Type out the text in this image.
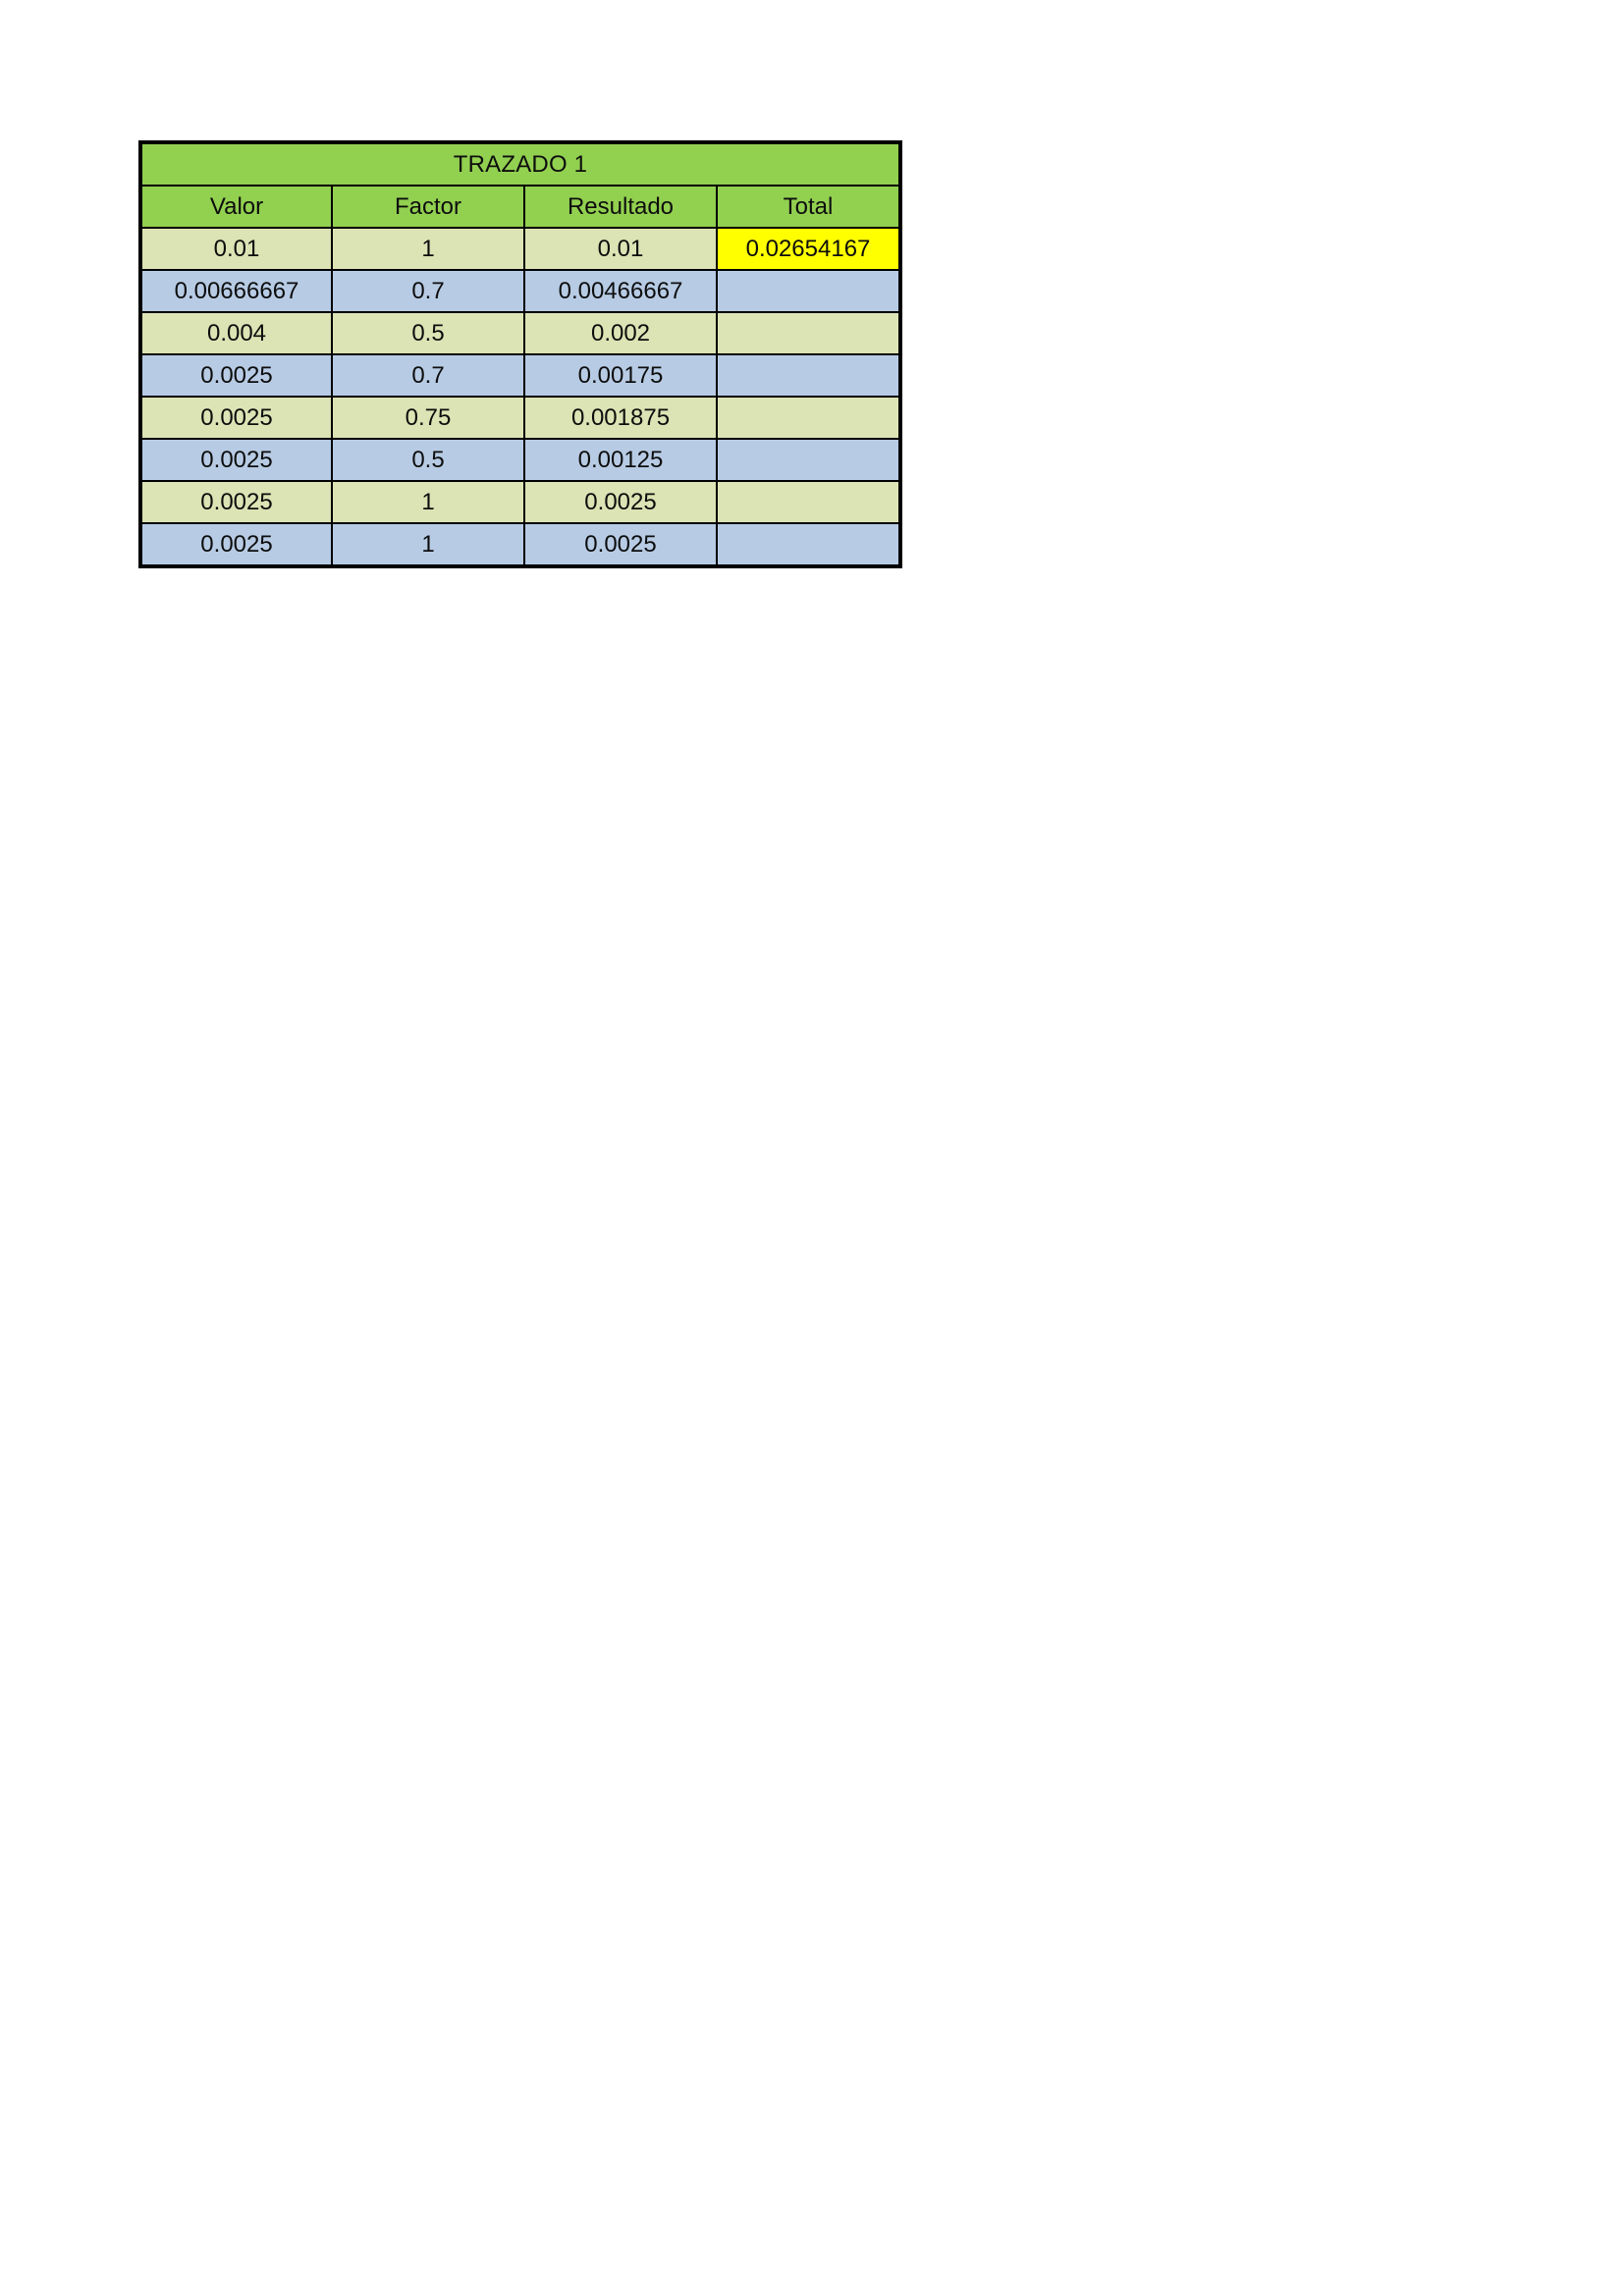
TRAZADO 1			
Valor	Factor	Resultado	Total
0.01	1	0.01	0.02654167
0.00666667	0.7	0.00466667	
0.004	0.5	0.002	
0.0025	0.7	0.00175	
0.0025	0.75	0.001875	
0.0025	0.5	0.00125	
0.0025	1	0.0025	
0.0025	1	0.0025	
